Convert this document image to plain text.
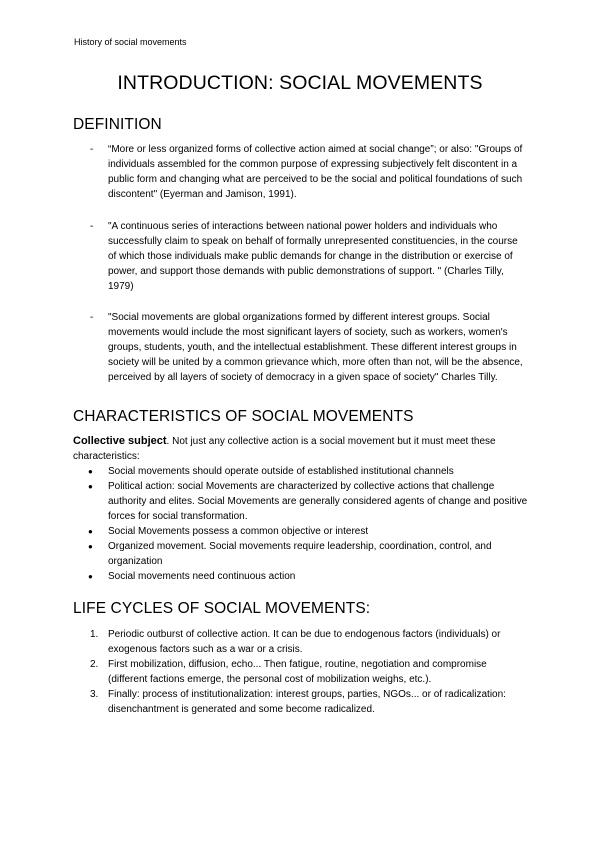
History of social movements
INTRODUCTION: SOCIAL MOVEMENTS
DEFINITION
- “More or less organized forms of collective action aimed at social change”; or also: "Groups of individuals assembled for the common purpose of expressing subjectively felt discontent in a public form and changing what are perceived to be the social and political foundations of such discontent" (Eyerman and Jamison, 1991).

- "A continuous series of interactions between national power holders and individuals who successfully claim to speak on behalf of formally unrepresented constituencies, in the course of which those individuals make public demands for change in the distribution or exercise of power, and support those demands with public demonstrations of support. " (Charles Tilly, 1979)

- "Social movements are global organizations formed by different interest groups. Social movements would include the most significant layers of society, such as workers, women's groups, students, youth, and the intellectual establishment. These different interest groups in society will be united by a common grievance which, more often than not, will be the absence, perceived by all layers of society of democracy in a given space of society" Charles Tilly.

CHARACTERISTICS OF SOCIAL MOVEMENTS

Collective subject. Not just any collective action is a social movement but it must meet these characteristics:

● Social movements should operate outside of established institutional channels

● Political action: social Movements are characterized by collective actions that challenge authority and elites. Social Movements are generally considered agents of change and positive forces for social transformation.

● Social Movements possess a common objective or interest

● Organized movement. Social movements require leadership, coordination, control, and organization

● Social movements need continuous action

LIFE CYCLES OF SOCIAL MOVEMENTS:
1. Periodic outburst of collective action. It can be due to endogenous factors (individuals) or exogenous factors such as a war or a crisis.

2. First mobilization, diffusion, echo... Then fatigue, routine, negotiation and compromise (different factions emerge, the personal cost of mobilization weighs, etc.).

3. Finally: process of institutionalization: interest groups, parties, NGOs... or of radicalization: disenchantment is generated and some become radicalized.
